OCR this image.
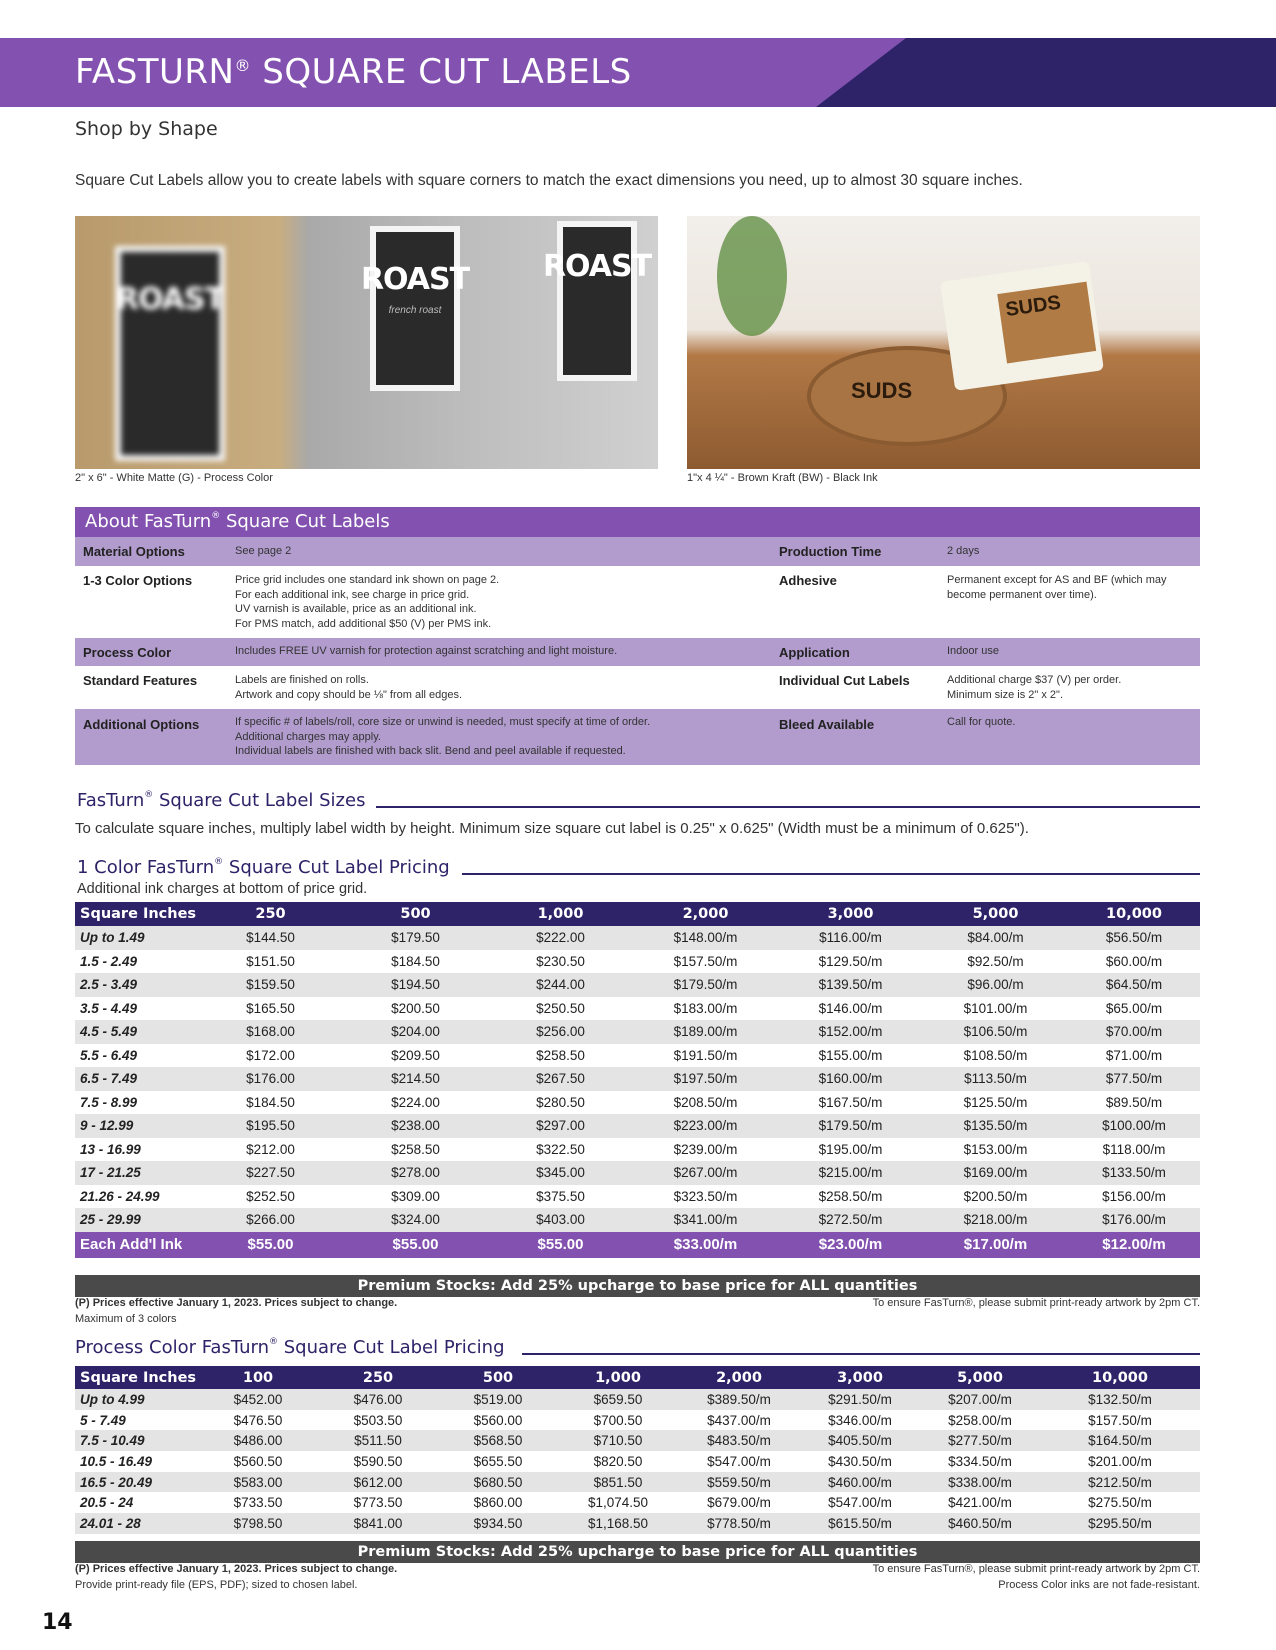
FASTURN® SQUARE CUT LABELS
Shop by Shape
Square Cut Labels allow you to create labels with square corners to match the exact dimensions you need, up to almost 30 square inches.
ROAST
ROAST
french roast
ROAST
SUDS
SUDS
2" x 6" - White Matte (G) - Process Color	1"x 4 ¼" - Brown Kraft (BW) - Black Ink
About FasTurn® Square Cut Labels
Material Options	See page 2	Production Time	2 days
1-3 Color Options	Price grid includes one standard ink shown on page 2.
For each additional ink, see charge in price grid.
UV varnish is available, price as an additional ink.
For PMS match, add additional $50 (V) per PMS ink.
Adhesive	Permanent except for AS and BF (which may
become permanent over time).
Process Color	Includes FREE UV varnish for protection against scratching and light moisture.	Application	Indoor use
Standard Features	Labels are finished on rolls.
Artwork and copy should be ⅛" from all edges.
Individual Cut Labels	Additional charge $37 (V) per order.
Minimum size is 2" x 2".
Additional Options	If specific # of labels/roll, core size or unwind is needed, must specify at time of order.
Additional charges may apply.
Individual labels are finished with back slit. Bend and peel available if requested.
Bleed Available	Call for quote.
FasTurn® Square Cut Label Sizes
To calculate square inches, multiply label width by height. Minimum size square cut label is 0.25" x 0.625" (Width must be a minimum of 0.625").
1 Color FasTurn® Square Cut Label Pricing
Additional ink charges at bottom of price grid.
Square Inches	250	500	1,000	2,000	3,000	5,000	10,000
Up to 1.49	$144.50	$179.50	$222.00	$148.00/m	$116.00/m	$84.00/m	$56.50/m
1.5 - 2.49	$151.50	$184.50	$230.50	$157.50/m	$129.50/m	$92.50/m	$60.00/m
2.5 - 3.49	$159.50	$194.50	$244.00	$179.50/m	$139.50/m	$96.00/m	$64.50/m
3.5 - 4.49	$165.50	$200.50	$250.50	$183.00/m	$146.00/m	$101.00/m	$65.00/m
4.5 - 5.49	$168.00	$204.00	$256.00	$189.00/m	$152.00/m	$106.50/m	$70.00/m
5.5 - 6.49	$172.00	$209.50	$258.50	$191.50/m	$155.00/m	$108.50/m	$71.00/m
6.5 - 7.49	$176.00	$214.50	$267.50	$197.50/m	$160.00/m	$113.50/m	$77.50/m
7.5 - 8.99	$184.50	$224.00	$280.50	$208.50/m	$167.50/m	$125.50/m	$89.50/m
9 - 12.99	$195.50	$238.00	$297.00	$223.00/m	$179.50/m	$135.50/m	$100.00/m
13 - 16.99	$212.00	$258.50	$322.50	$239.00/m	$195.00/m	$153.00/m	$118.00/m
17 - 21.25	$227.50	$278.00	$345.00	$267.00/m	$215.00/m	$169.00/m	$133.50/m
21.26 - 24.99	$252.50	$309.00	$375.50	$323.50/m	$258.50/m	$200.50/m	$156.00/m
25 - 29.99	$266.00	$324.00	$403.00	$341.00/m	$272.50/m	$218.00/m	$176.00/m
Each Add'l Ink	$55.00	$55.00	$55.00	$33.00/m	$23.00/m	$17.00/m	$12.00/m
Premium Stocks: Add 25% upcharge to base price for ALL quantities
(P) Prices effective January 1, 2023. Prices subject to change.
Maximum of 3 colors
To ensure FasTurn®, please submit print-ready artwork by 2pm CT.
Process Color FasTurn® Square Cut Label Pricing
Square Inches	100	250	500	1,000	2,000	3,000	5,000	10,000
Up to 4.99	$452.00	$476.00	$519.00	$659.50	$389.50/m	$291.50/m	$207.00/m	$132.50/m
5 - 7.49	$476.50	$503.50	$560.00	$700.50	$437.00/m	$346.00/m	$258.00/m	$157.50/m
7.5 - 10.49	$486.00	$511.50	$568.50	$710.50	$483.50/m	$405.50/m	$277.50/m	$164.50/m
10.5 - 16.49	$560.50	$590.50	$655.50	$820.50	$547.00/m	$430.50/m	$334.50/m	$201.00/m
16.5 - 20.49	$583.00	$612.00	$680.50	$851.50	$559.50/m	$460.00/m	$338.00/m	$212.50/m
20.5 - 24	$733.50	$773.50	$860.00	$1,074.50	$679.00/m	$547.00/m	$421.00/m	$275.50/m
24.01 - 28	$798.50	$841.00	$934.50	$1,168.50	$778.50/m	$615.50/m	$460.50/m	$295.50/m
Premium Stocks: Add 25% upcharge to base price for ALL quantities
(P) Prices effective January 1, 2023. Prices subject to change.
Provide print-ready file (EPS, PDF); sized to chosen label.
To ensure FasTurn®, please submit print-ready artwork by 2pm CT.
Process Color inks are not fade-resistant.
14
